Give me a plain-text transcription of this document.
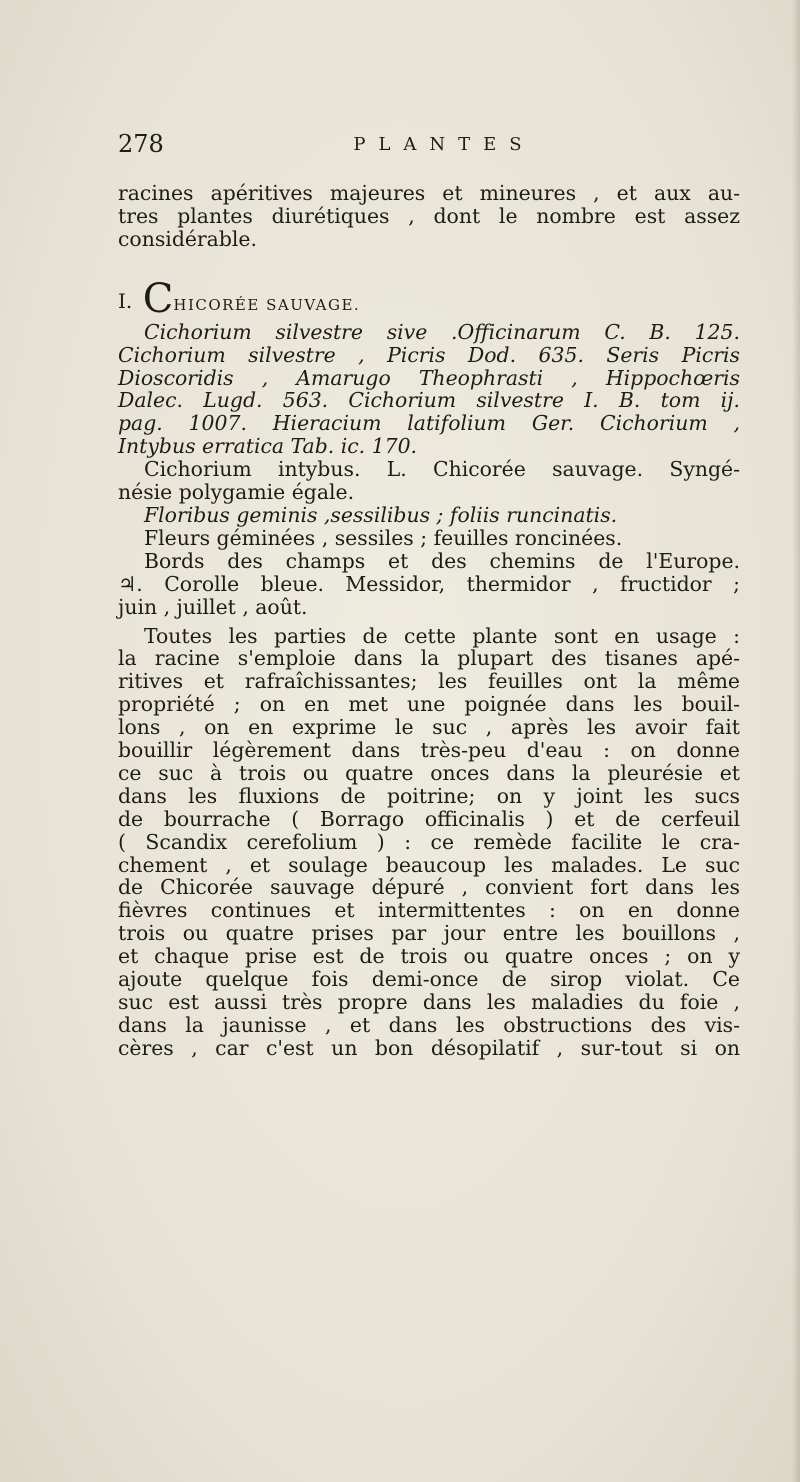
278	PLANTES
racines apéritives majeures et mineures , et aux au-
tres plantes diurétiques , dont le nombre est assez
considérable.
I. CHICORÉE SAUVAGE.
Cichorium silvestre sive .Officinarum C. B. 125.
Cichorium silvestre , Picris Dod. 635. Seris Picris
Dioscoridis , Amarugo Theophrasti , Hippochœris
Dalec. Lugd. 563. Cichorium silvestre I. B. tom ij.
pag. 1007. Hieracium latifolium Ger. Cichorium ,
Intybus erratica Tab. ic. 170.
Cichorium intybus. L. Chicorée sauvage. Syngé-
nésie polygamie égale.
Floribus geminis ,sessilibus ; foliis runcinatis.
Fleurs géminées , sessiles ; feuilles roncinées.
Bords des champs et des chemins de l'Europe.
♃. Corolle bleue. Messidor, thermidor , fructidor ;
juin , juillet , août.
Toutes les parties de cette plante sont en usage :
la racine s'emploie dans la plupart des tisanes apé-
ritives et rafraîchissantes; les feuilles ont la même
propriété ; on en met une poignée dans les bouil-
lons , on en exprime le suc , après les avoir fait
bouillir légèrement dans très-peu d'eau : on donne
ce suc à trois ou quatre onces dans la pleurésie et
dans les fluxions de poitrine; on y joint les sucs
de bourrache ( Borrago officinalis ) et de cerfeuil
( Scandix cerefolium ) : ce remède facilite le cra-
chement , et soulage beaucoup les malades. Le suc
de Chicorée sauvage dépuré , convient fort dans les
fièvres continues et intermittentes : on en donne
trois ou quatre prises par jour entre les bouillons ,
et chaque prise est de trois ou quatre onces ; on y
ajoute quelque fois demi-once de sirop violat. Ce
suc est aussi très propre dans les maladies du foie ,
dans la jaunisse , et dans les obstructions des vis-
cères , car c'est un bon désopilatif , sur-tout si on
